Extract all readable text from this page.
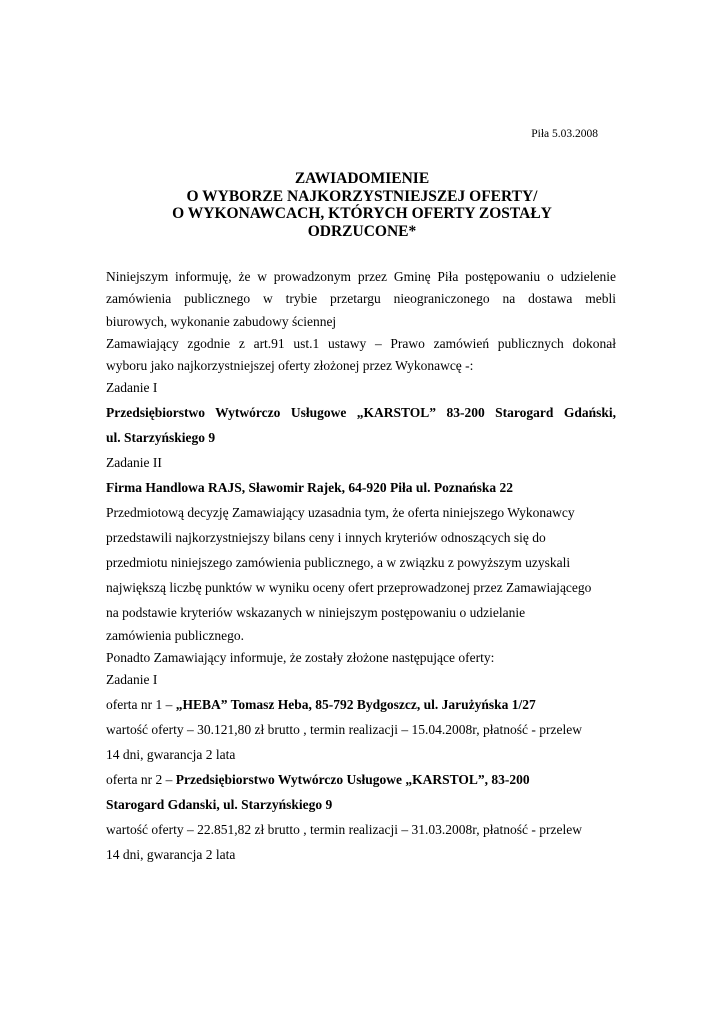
Piła 5.03.2008
ZAWIADOMIENIE
O WYBORZE NAJKORZYSTNIEJSZEJ OFERTY/
O WYKONAWCACH, KTÓRYCH OFERTY ZOSTAŁY
ODRZUCONE*
Niniejszym informuję, że w prowadzonym przez Gminę Piła postępowaniu o udzielenie
zamówienia publicznego w trybie przetargu nieograniczonego na dostawa mebli
biurowych, wykonanie zabudowy ściennej
Zamawiający zgodnie z art.91 ust.1 ustawy – Prawo zamówień publicznych dokonał
wyboru jako najkorzystniejszej oferty złożonej przez Wykonawcę -:
Zadanie I
Przedsiębiorstwo Wytwórczo Usługowe „KARSTOL” 83-200 Starogard Gdański,
ul. Starzyńskiego 9
Zadanie II
Firma Handlowa RAJS, Sławomir Rajek, 64-920 Piła ul. Poznańska 22
Przedmiotową decyzję Zamawiający uzasadnia tym, że oferta niniejszego Wykonawcy
przedstawili najkorzystniejszy bilans ceny i innych kryteriów odnoszących się do
przedmiotu niniejszego zamówienia publicznego, a w związku z powyższym uzyskali
największą liczbę punktów w wyniku oceny ofert przeprowadzonej przez Zamawiającego
na podstawie kryteriów wskazanych w niniejszym postępowaniu o udzielanie
zamówienia publicznego.
Ponadto Zamawiający informuje, że zostały złożone następujące oferty:
Zadanie I
oferta nr 1 – „HEBA” Tomasz Heba, 85-792 Bydgoszcz, ul. Jarużyńska 1/27
wartość oferty – 30.121,80 zł brutto , termin realizacji – 15.04.2008r, płatność - przelew
14 dni, gwarancja 2 lata
oferta nr 2 – Przedsiębiorstwo Wytwórczo Usługowe „KARSTOL”, 83-200
Starogard Gdanski, ul. Starzyńskiego 9
wartość oferty – 22.851,82 zł brutto , termin realizacji – 31.03.2008r, płatność - przelew
14 dni, gwarancja 2 lata
